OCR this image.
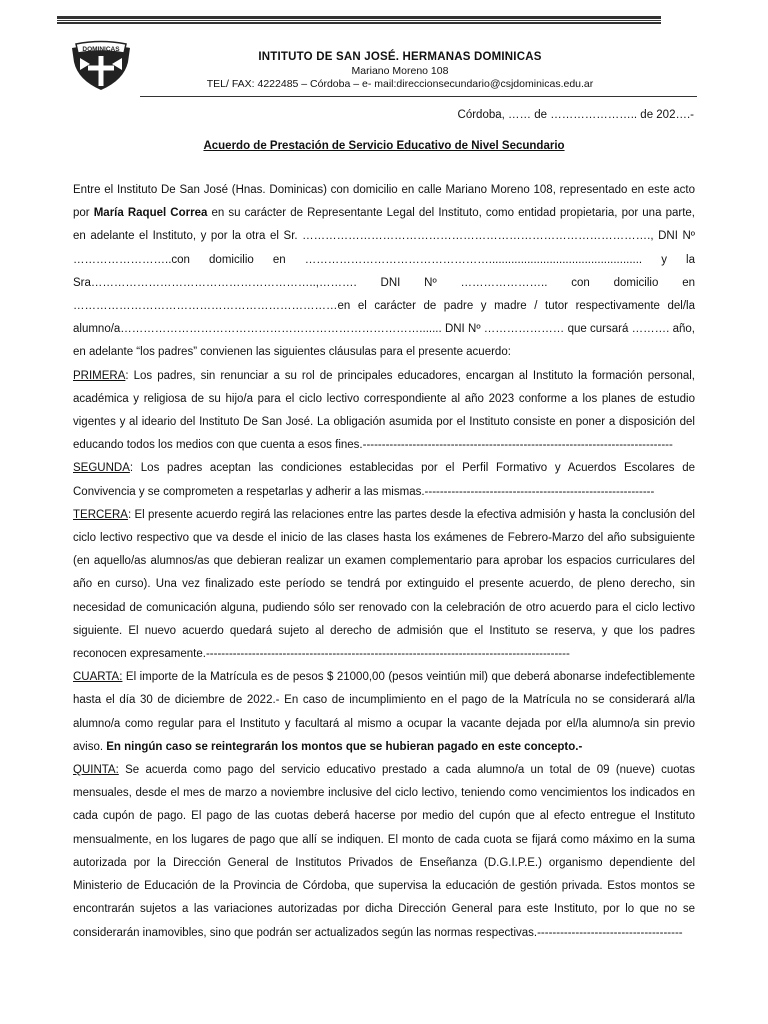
DOMINICAS
INTITUTO DE SAN JOSÉ. HERMANAS DOMINICAS
Mariano Moreno 108
TEL/ FAX: 4222485 – Córdoba – e- mail:direccionsecundario@csjdominicas.edu.ar
Córdoba, …… de ………………….. de 202….-
Acuerdo de Prestación de Servicio Educativo de Nivel Secundario

Entre el Instituto De San José (Hnas. Dominicas) con domicilio en calle Mariano Moreno 108, representado en este acto por María Raquel Correa en su carácter de Representante Legal del Instituto, como entidad propietaria, por una parte, en adelante el Instituto, y por la otra el Sr. ………………………………………………………………………………., DNI Nº ……………………..con domicilio en …………………………………………................................................ y la Sra…………………………………………………..,………. DNI Nº ………………….. con domicilio en ……………………………………………………………en el carácter de padre y madre / tutor respectivamente del/la alumno/a……………………………………………………………………....... DNI Nº ………………… que cursará ………. año, en adelante “los padres” convienen las siguientes cláusulas para el presente acuerdo:

PRIMERA: Los padres, sin renunciar a su rol de principales educadores, encargan al Instituto la formación personal, académica y religiosa de su hijo/a para el ciclo lectivo correspondiente al año 2023 conforme a los planes de estudio vigentes y al ideario del Instituto De San José. La obligación asumida por el Instituto consiste en poner a disposición del educando todos los medios con que cuenta a esos fines.---------------------------------------------------------------------------------

SEGUNDA: Los padres aceptan las condiciones establecidas por el Perfil Formativo y Acuerdos Escolares de Convivencia y se comprometen a respetarlas y adherir a las mismas.------------------------------------------------------------

TERCERA: El presente acuerdo regirá las relaciones entre las partes desde la efectiva admisión y hasta la conclusión del ciclo lectivo respectivo que va desde el inicio de las clases hasta los exámenes de Febrero-Marzo del año subsiguiente (en aquello/as alumnos/as que debieran realizar un examen complementario para aprobar los espacios curriculares del año en curso). Una vez finalizado este período se tendrá por extinguido el presente acuerdo, de pleno derecho, sin necesidad de comunicación alguna, pudiendo sólo ser renovado con la celebración de otro acuerdo para el ciclo lectivo siguiente. El nuevo acuerdo quedará sujeto al derecho de admisión que el Instituto se reserva, y que los padres reconocen expresamente.-----------------------------------------------------------------------------------------------

CUARTA: El importe de la Matrícula es de pesos $ 21000,00 (pesos veintiún mil) que deberá abonarse indefectiblemente hasta el día 30 de diciembre de 2022.- En caso de incumplimiento en el pago de la Matrícula no se considerará al/la alumno/a como regular para el Instituto y facultará al mismo a ocupar la vacante dejada por el/la alumno/a sin previo aviso. En ningún caso se reintegrarán los montos que se hubieran pagado en este concepto.-

QUINTA: Se acuerda como pago del servicio educativo prestado a cada alumno/a un total de 09 (nueve) cuotas mensuales, desde el mes de marzo a noviembre inclusive del ciclo lectivo, teniendo como vencimientos los indicados en cada cupón de pago. El pago de las cuotas deberá hacerse por medio del cupón que al efecto entregue el Instituto mensualmente, en los lugares de pago que allí se indiquen. El monto de cada cuota se fijará como máximo en la suma autorizada por la Dirección General de Institutos Privados de Enseñanza (D.G.I.P.E.) organismo dependiente del Ministerio de Educación de la Provincia de Córdoba, que supervisa la educación de gestión privada. Estos montos se encontrarán sujetos a las variaciones autorizadas por dicha Dirección General para este Instituto, por lo que no se considerarán inamovibles, sino que podrán ser actualizados según las normas respectivas.--------------------------------------
